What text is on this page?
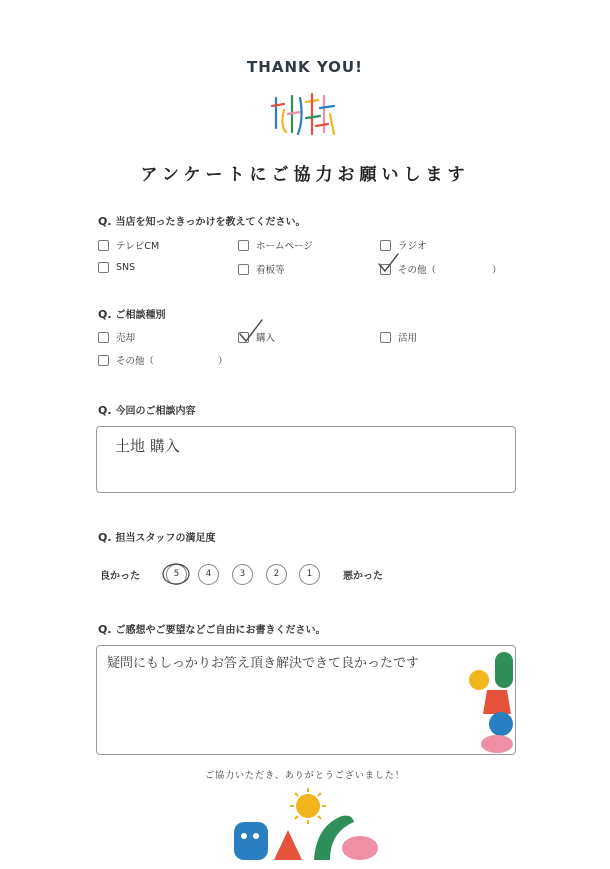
THANK YOU!
アンケートにご協力お願いします
Q. 当店を知ったきっかけを教えてください。
テレビCM	ホームページ	ラジオ
SNS	看板等	その他（	）
Q. ご相談種別
売却	購入	活用
その他（	）
Q. 今回のご相談内容
土地 購入
Q. 担当スタッフの満足度
良かった	5	4	3	2	1	悪かった
Q. ご感想やご要望などご自由にお書きください。
疑問にもしっかりお答え頂き解決できて良かったです
ご協力いただき、ありがとうございました！
